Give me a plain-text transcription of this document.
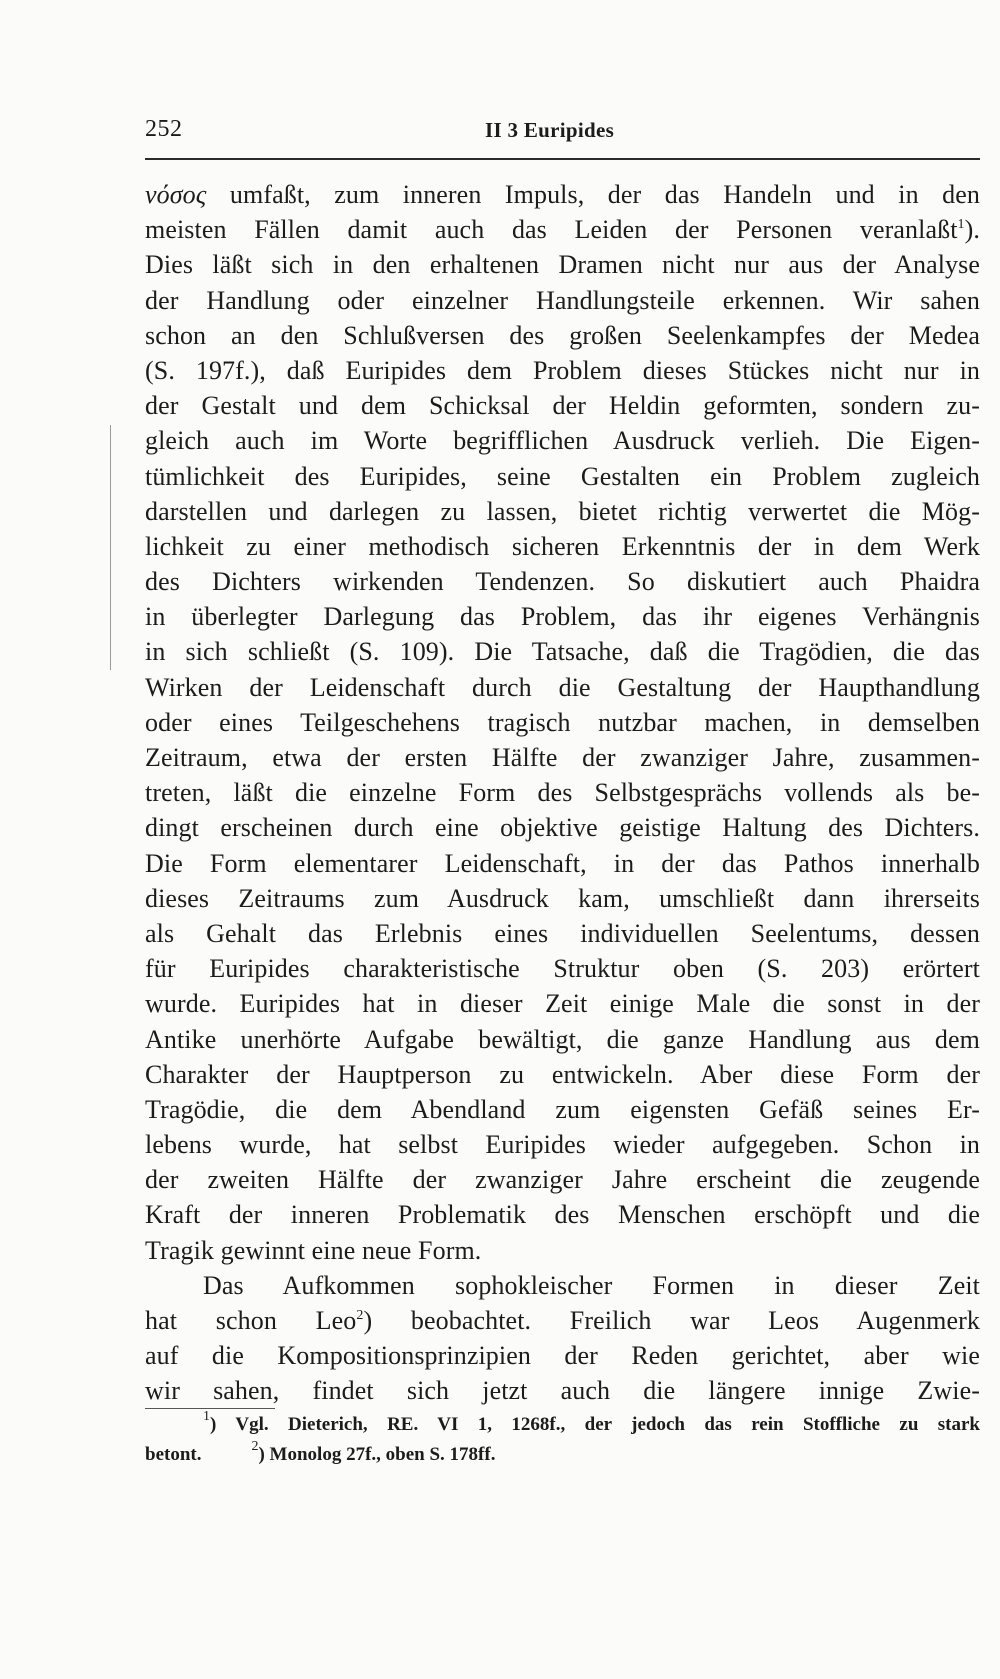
252	II 3 Euripides
νόσος umfaßt, zum inneren Impuls, der das Handeln und in den
meisten Fällen damit auch das Leiden der Personen veranlaßt$^1$).
Dies läßt sich in den erhaltenen Dramen nicht nur aus der Analyse
der Handlung oder einzelner Handlungsteile erkennen. Wir sahen
schon an den Schlußversen des großen Seelenkampfes der Medea
(S. 197f.), daß Euripides dem Problem dieses Stückes nicht nur in
der Gestalt und dem Schicksal der Heldin geformten, sondern zu-
gleich auch im Worte begrifflichen Ausdruck verlieh. Die Eigen-
tümlichkeit des Euripides, seine Gestalten ein Problem zugleich
darstellen und darlegen zu lassen, bietet richtig verwertet die Mög-
lichkeit zu einer methodisch sicheren Erkenntnis der in dem Werk
des Dichters wirkenden Tendenzen. So diskutiert auch Phaidra
in überlegter Darlegung das Problem, das ihr eigenes Verhängnis
in sich schließt (S. 109). Die Tatsache, daß die Tragödien, die das
Wirken der Leidenschaft durch die Gestaltung der Haupthandlung
oder eines Teilgeschehens tragisch nutzbar machen, in demselben
Zeitraum, etwa der ersten Hälfte der zwanziger Jahre, zusammen-
treten, läßt die einzelne Form des Selbstgesprächs vollends als be-
dingt erscheinen durch eine objektive geistige Haltung des Dichters.
Die Form elementarer Leidenschaft, in der das Pathos innerhalb
dieses Zeitraums zum Ausdruck kam, umschließt dann ihrerseits
als Gehalt das Erlebnis eines individuellen Seelentums, dessen
für Euripides charakteristische Struktur oben (S. 203) erörtert
wurde. Euripides hat in dieser Zeit einige Male die sonst in der
Antike unerhörte Aufgabe bewältigt, die ganze Handlung aus dem
Charakter der Hauptperson zu entwickeln. Aber diese Form der
Tragödie, die dem Abendland zum eigensten Gefäß seines Er-
lebens wurde, hat selbst Euripides wieder aufgegeben. Schon in
der zweiten Hälfte der zwanziger Jahre erscheint die zeugende
Kraft der inneren Problematik des Menschen erschöpft und die
Tragik gewinnt eine neue Form.
Das Aufkommen sophokleischer Formen in dieser Zeit
hat schon Leo$^2$) beobachtet. Freilich war Leos Augenmerk
auf die Kompositionsprinzipien der Reden gerichtet, aber wie
wir sahen, findet sich jetzt auch die längere innige Zwie-
$^1$) Vgl. Dieterich, RE. VI 1, 1268f., der jedoch das rein Stoffliche zu stark
betont.	$^2$) Monolog 27f., oben S. 178ff.
